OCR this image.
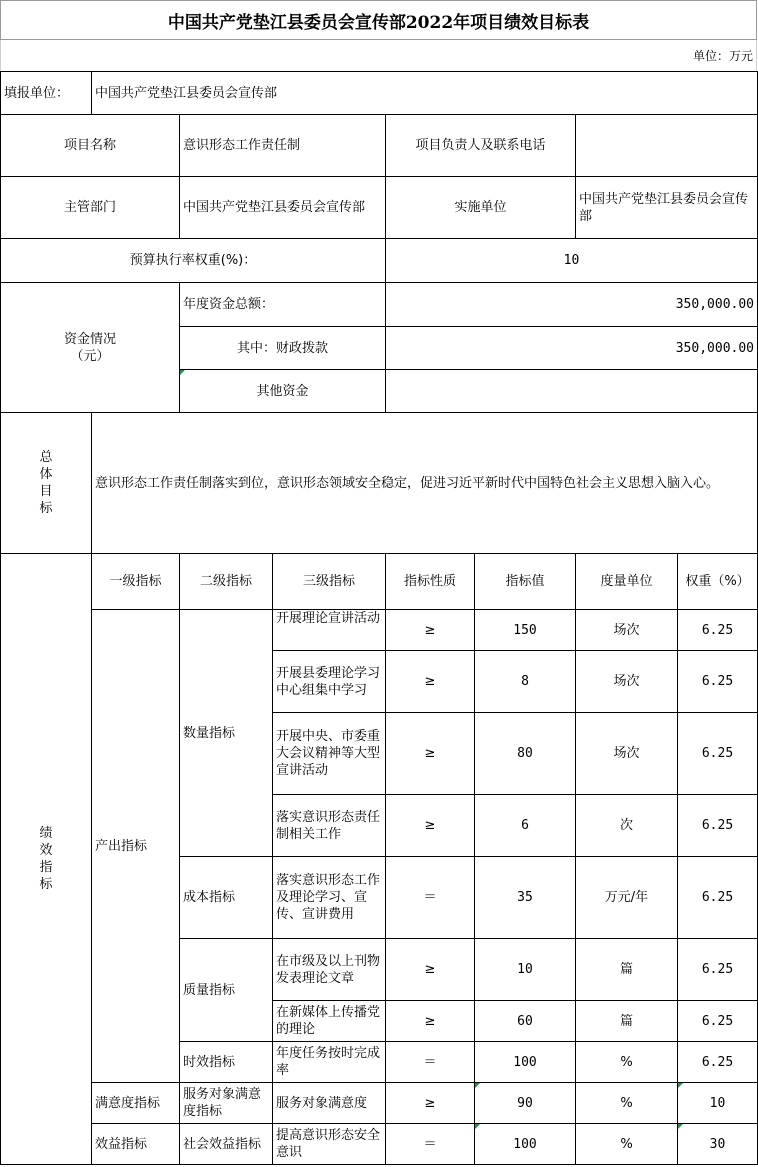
中国共产党垫江县委员会宣传部2022年项目绩效目标表
单位：万元
填报单位：	中国共产党垫江县委员会宣传部						
项目名称		意识形态工作责任制		项目负责人及联系电话			
主管部门		中国共产党垫江县委员会宣传部		实施单位		中国共产党垫江县委员会宣传部	
预算执行率权重(%)：				10			
资金情况（元）		年度资金总额：		350,000.00			
		其中：财政拨款		350,000.00			
		其他资金					
总体目标	意识形态工作责任制落实到位，意识形态领域安全稳定，促进习近平新时代中国特色社会主义思想入脑入心。						
绩效指标	一级指标	二级指标	三级指标	指标性质	指标值	度量单位	权重（%）
	产出指标	数量指标	开展理论宣讲活动	≥	150	场次	6.25
			开展县委理论学习中心组集中学习	≥	8	场次	6.25
			开展中央、市委重大会议精神等大型宣讲活动	≥	80	场次	6.25
			落实意识形态责任制相关工作	≥	6	次	6.25
		成本指标	落实意识形态工作及理论学习、宣传、宣讲费用	＝	35	万元/年	6.25
		质量指标	在市级及以上刊物发表理论文章	≥	10	篇	6.25
			在新媒体上传播党的理论	≥	60	篇	6.25
		时效指标	年度任务按时完成率	＝	100	%	6.25
	满意度指标	服务对象满意度指标	服务对象满意度	≥	90	%	10
	效益指标	社会效益指标	提高意识形态安全意识	＝	100	%	30
